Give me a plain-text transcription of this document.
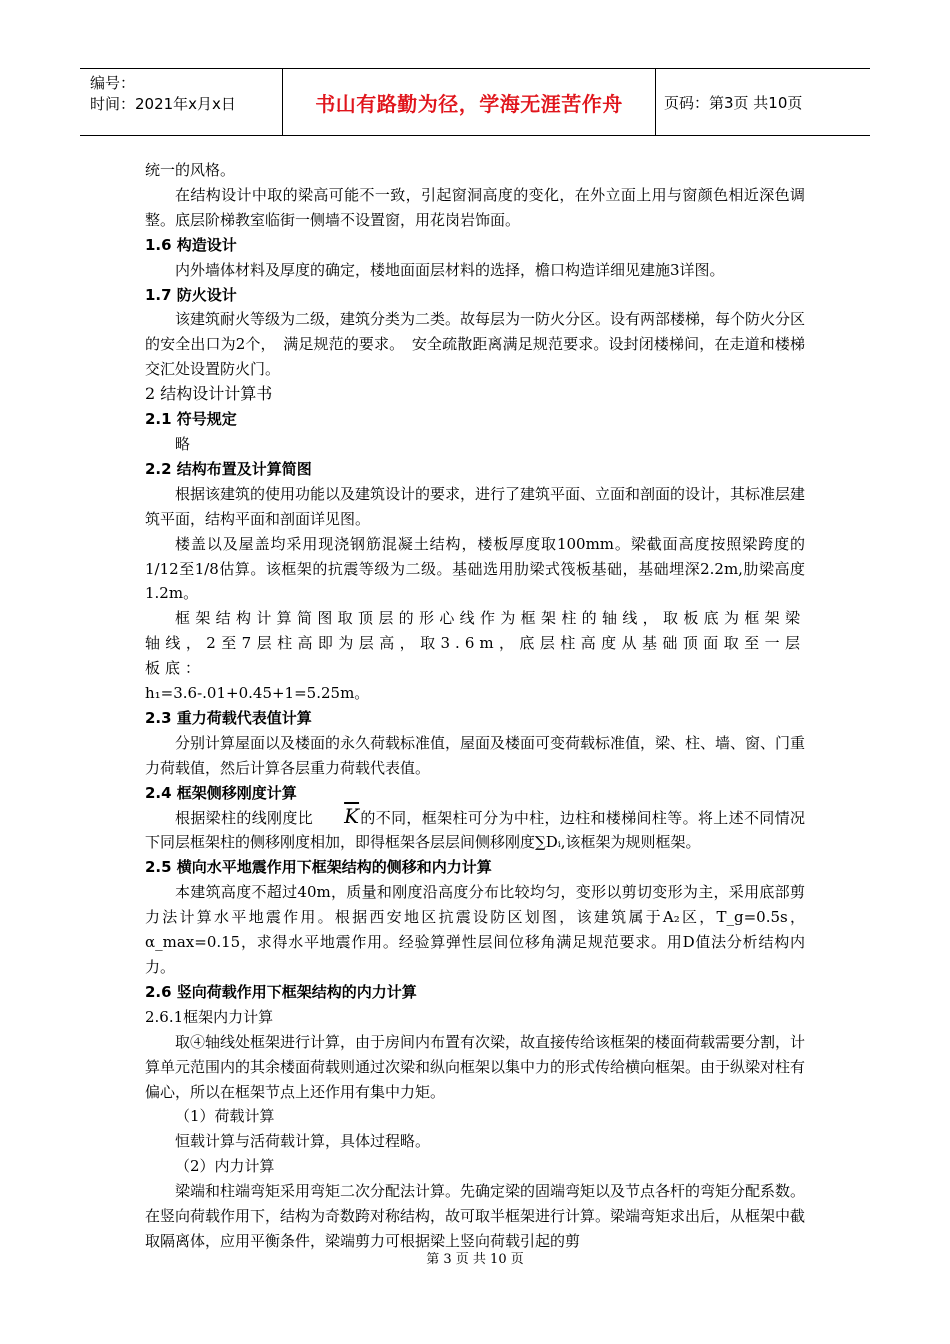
编号：
时间：2021年x月x日	书山有路勤为径，学海无涯苦作舟	页码：第3页 共10页

统一的风格。

在结构设计中取的梁高可能不一致，引起窗洞高度的变化，在外立面上用与窗颜色相近深色调整。底层阶梯教室临街一侧墙不设置窗，用花岗岩饰面。

1.6 构造设计

内外墙体材料及厚度的确定，楼地面面层材料的选择，檐口构造详细见建施3详图。

1.7 防火设计

该建筑耐火等级为二级，建筑分类为二类。故每层为一防火分区。设有两部楼梯，每个防火分区的安全出口为2个，　满足规范的要求。　安全疏散距离满足规范要求。设封闭楼梯间，在走道和楼梯交汇处设置防火门。

2 结构设计计算书

2.1 符号规定

略

2.2 结构布置及计算简图

根据该建筑的使用功能以及建筑设计的要求，进行了建筑平面、立面和剖面的设计，其标准层建筑平面，结构平面和剖面详见图。

楼盖以及屋盖均采用现浇钢筋混凝土结构，楼板厚度取100mm。梁截面高度按照梁跨度的1/12至1/8估算。该框架的抗震等级为二级。基础选用肋梁式筏板基础，基础埋深2.2m,肋梁高度1.2m。

框架结构计算简图取顶层的形心线作为框架柱的轴线，取板底为框架梁轴线，2至7层柱高即为层高，取3.6m，底层柱高度从基础顶面取至一层板底：

h₁=3.6-.01+0.45+1=5.25m。

2.3 重力荷载代表值计算

分别计算屋面以及楼面的永久荷载标准值，屋面及楼面可变荷载标准值，梁、柱、墙、窗、门重力荷载值，然后计算各层重力荷载代表值。

2.4 框架侧移刚度计算

根据梁柱的线刚度比 $\overline{K}$的不同，框架柱可分为中柱，边柱和楼梯间柱等。将上述不同情况下同层框架柱的侧移刚度相加，即得框架各层层间侧移刚度∑Dᵢ,该框架为规则框架。

2.5 横向水平地震作用下框架结构的侧移和内力计算

本建筑高度不超过40m，质量和刚度沿高度分布比较均匀，变形以剪切变形为主，采用底部剪力法计算水平地震作用。根据西安地区抗震设防区划图，该建筑属于A₂区，T_g=0.5s，α_max=0.15，求得水平地震作用。经验算弹性层间位移角满足规范要求。用D值法分析结构内力。

2.6 竖向荷载作用下框架结构的内力计算

2.6.1框架内力计算

取④轴线处框架进行计算，由于房间内布置有次梁，故直接传给该框架的楼面荷载需要分割，计算单元范围内的其余楼面荷载则通过次梁和纵向框架以集中力的形式传给横向框架。由于纵梁对柱有偏心，所以在框架节点上还作用有集中力矩。

（1）荷载计算

恒载计算与活荷载计算，具体过程略。

（2）内力计算

梁端和柱端弯矩采用弯矩二次分配法计算。先确定梁的固端弯矩以及节点各杆的弯矩分配系数。在竖向荷载作用下，结构为奇数跨对称结构，故可取半框架进行计算。梁端弯矩求出后，从框架中截取隔离体，应用平衡条件，梁端剪力可根据梁上竖向荷载引起的剪

第 3 页 共 10 页
